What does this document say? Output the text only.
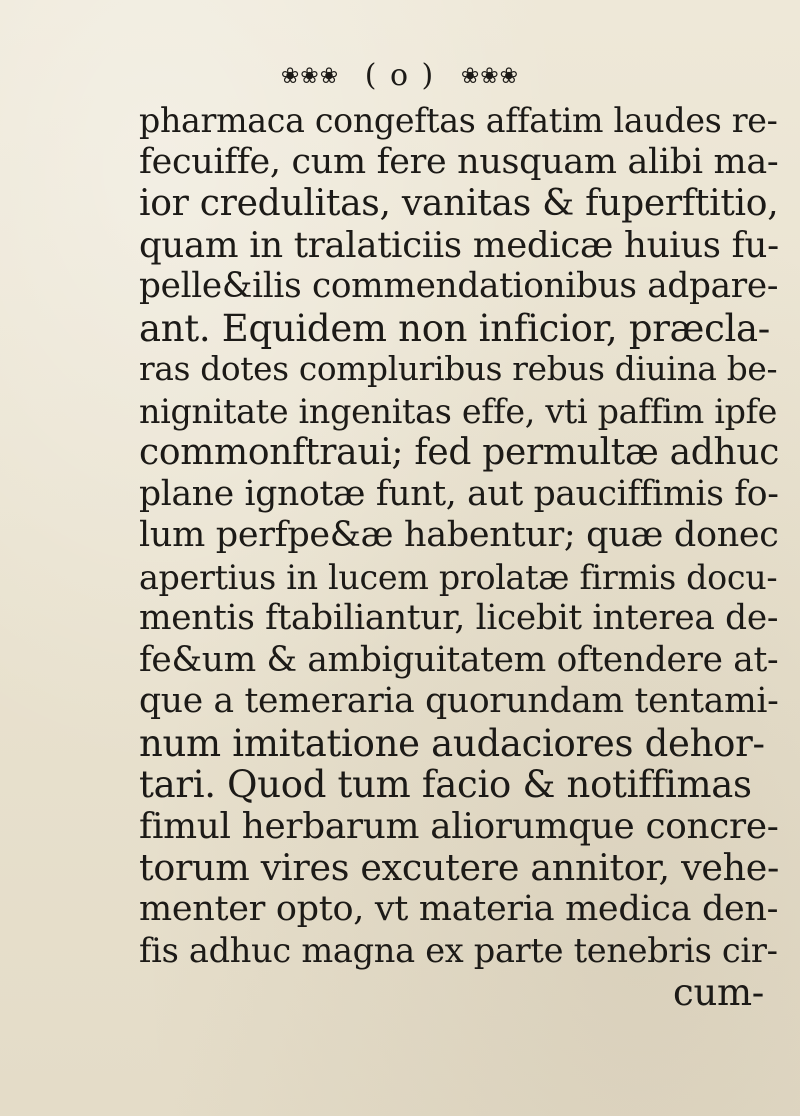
❀❀❀ ( o ) ❀❀❀
pharmaca congeftas affatim laudes re-
fecuiffe, cum fere nusquam alibi ma-
ior credulitas, vanitas & fuperftitio,
quam in tralaticiis medicæ huius fu-
pelle&ilis commendationibus adpare-
ant. Equidem non inficior, præcla-
ras dotes compluribus rebus diuina be-
nignitate ingenitas effe, vti paffim ipfe
commonftraui; fed permultæ adhuc
plane ignotæ funt, aut pauciffimis fo-
lum perfpe&æ habentur; quæ donec
apertius in lucem prolatæ firmis docu-
mentis ftabiliantur, licebit interea de-
fe&um & ambiguitatem oftendere at-
que a temeraria quorundam tentami-
num imitatione audaciores dehor-
tari. Quod tum facio & notiffimas
fimul herbarum aliorumque concre-
torum vires excutere annitor, vehe-
menter opto, vt materia medica den-
fis adhuc magna ex parte tenebris cir-
cum-
